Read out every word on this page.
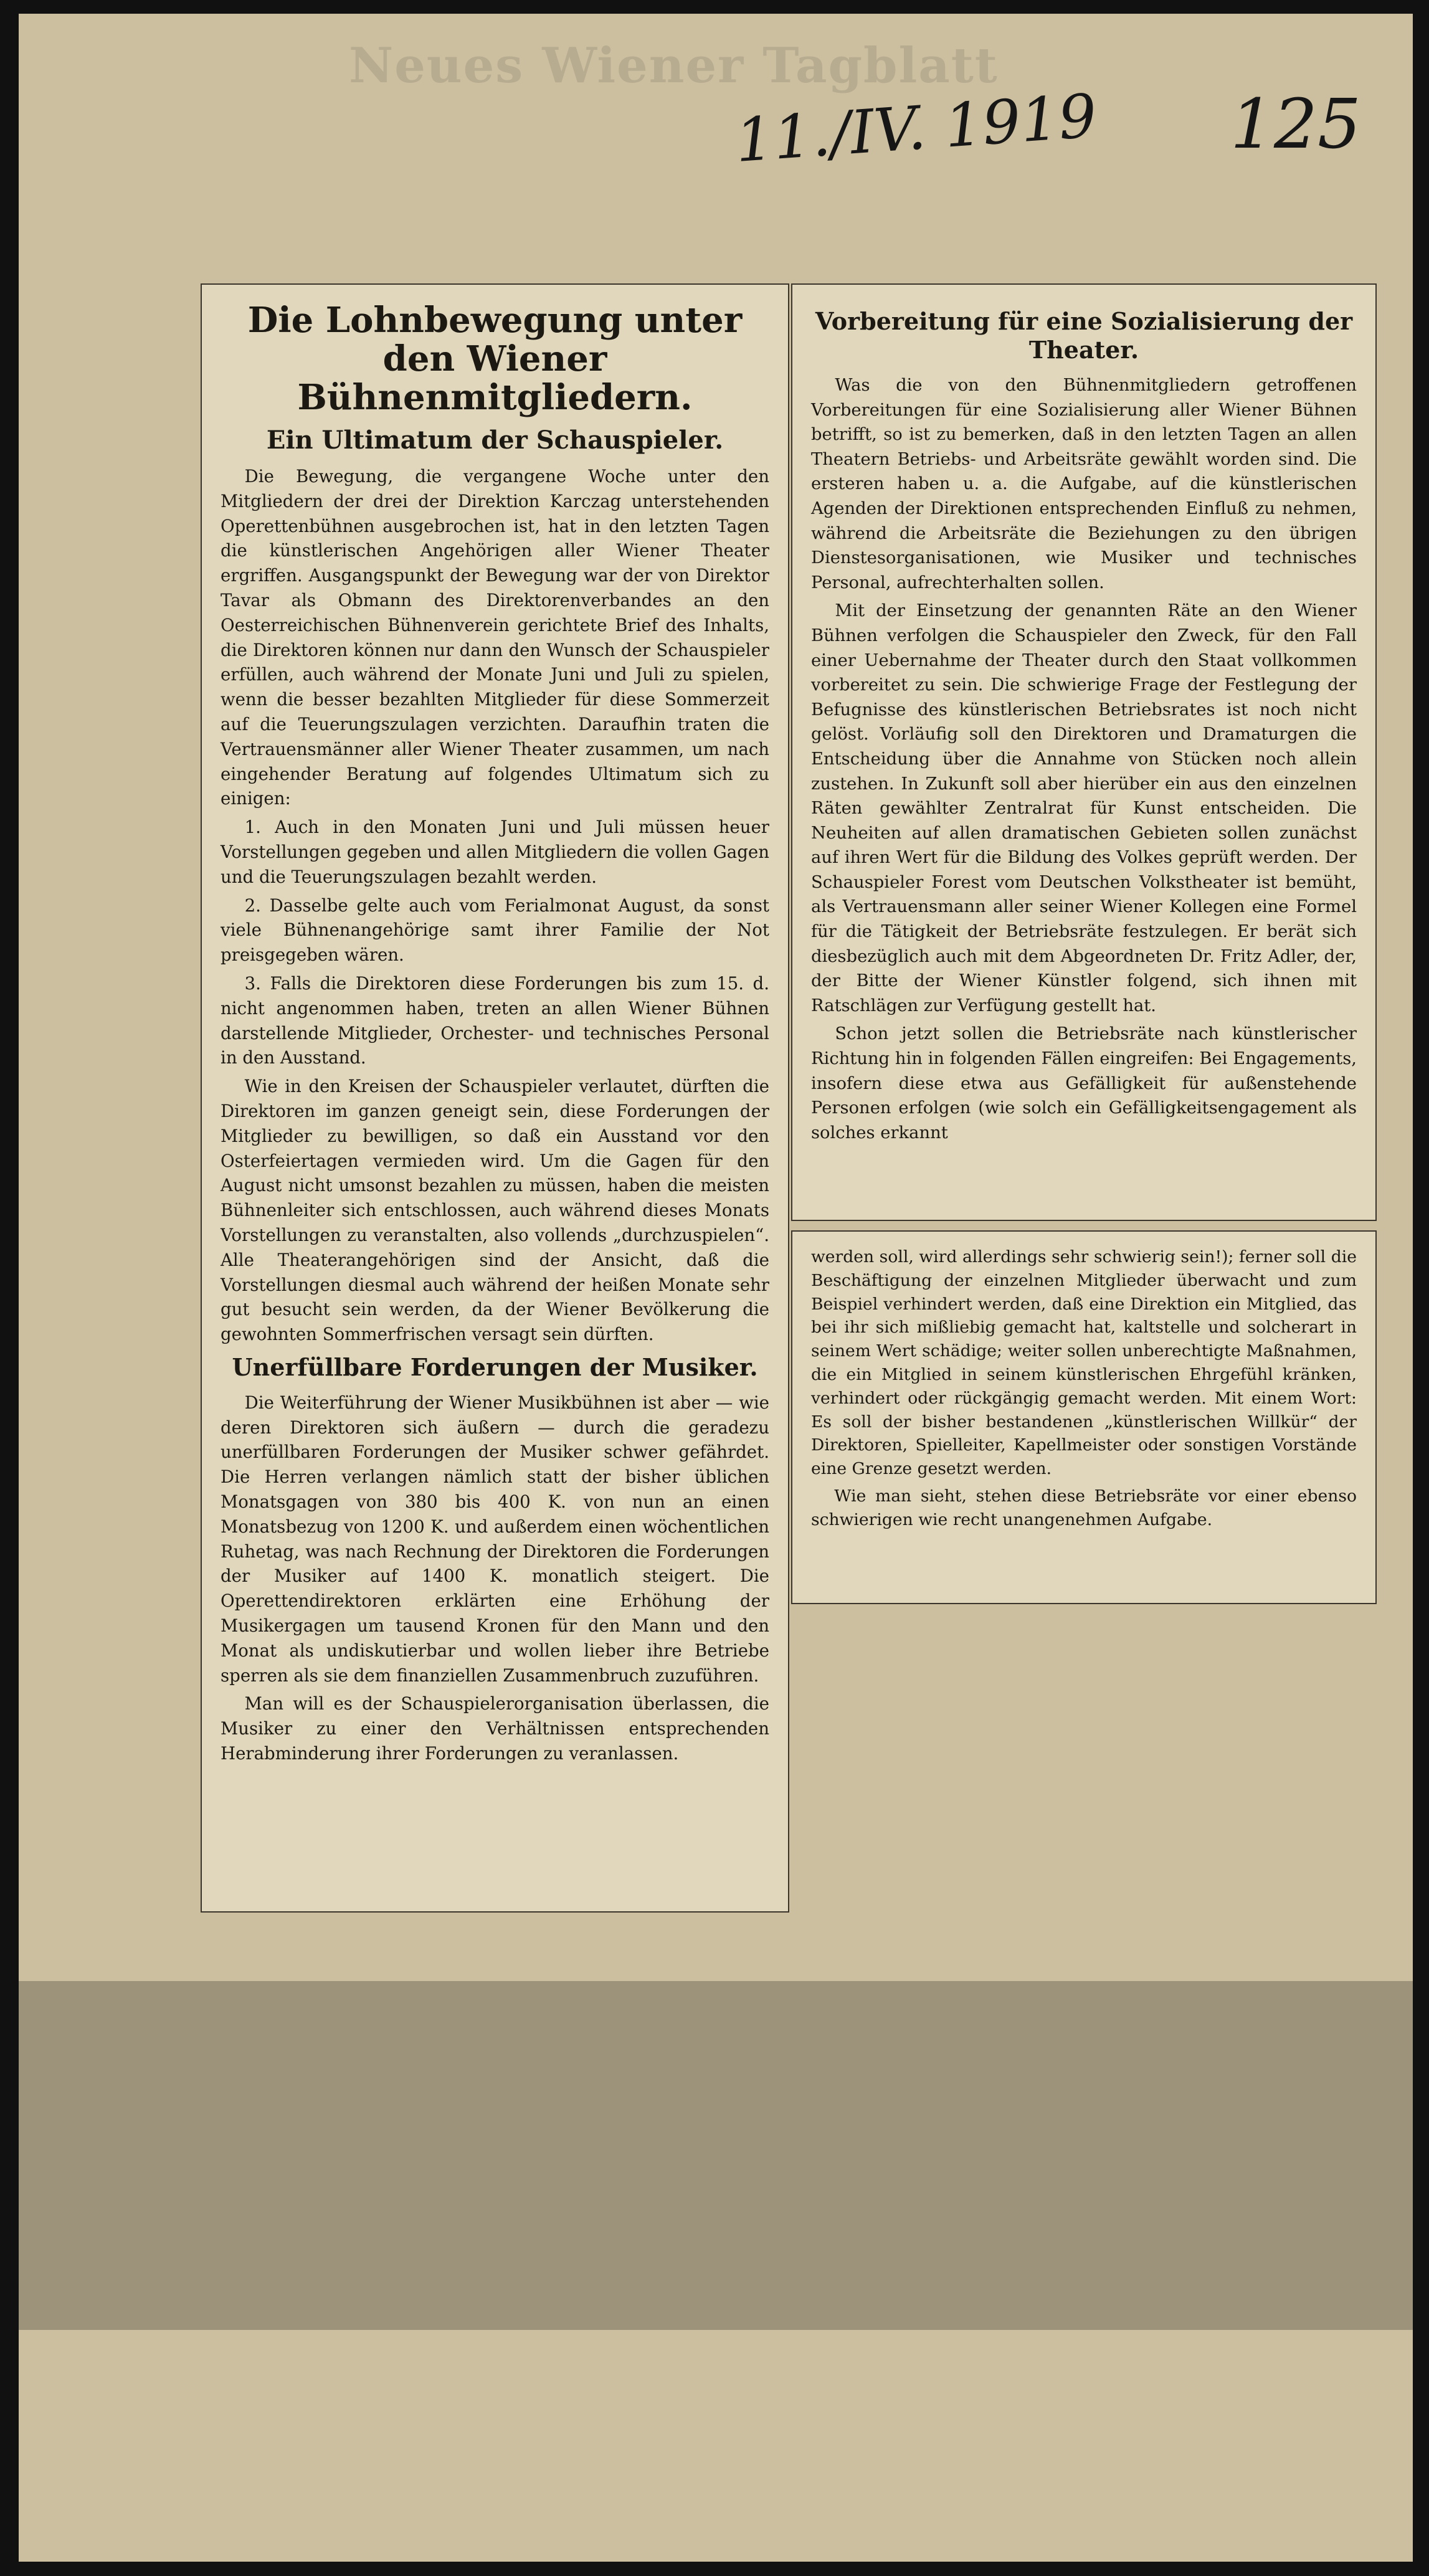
Neues Wiener Tagblatt
11./IV. 1919 125
Die Lohnbewegung unter den Wiener Bühnenmitgliedern.
Ein Ultimatum der Schauspieler.

Die Bewegung, die vergangene Woche unter den Mitgliedern der drei der Direktion Karczag unterstehenden Operettenbühnen ausgebrochen ist, hat in den letzten Tagen die künstlerischen Angehörigen aller Wiener Theater ergriffen. Ausgangspunkt der Bewegung war der von Direktor Tavar als Obmann des Direktorenverbandes an den Oesterreichischen Bühnenverein gerichtete Brief des Inhalts, die Direktoren können nur dann den Wunsch der Schauspieler erfüllen, auch während der Monate Juni und Juli zu spielen, wenn die besser bezahlten Mitglieder für diese Sommerzeit auf die Teuerungszulagen verzichten. Daraufhin traten die Vertrauensmänner aller Wiener Theater zusammen, um nach eingehender Beratung auf folgendes Ultimatum sich zu einigen:

1. Auch in den Monaten Juni und Juli müssen heuer Vorstellungen gegeben und allen Mitgliedern die vollen Gagen und die Teuerungszulagen bezahlt werden.

2. Dasselbe gelte auch vom Ferialmonat August, da sonst viele Bühnenangehörige samt ihrer Familie der Not preisgegeben wären.

3. Falls die Direktoren diese Forderungen bis zum 15. d. nicht angenommen haben, treten an allen Wiener Bühnen darstellende Mitglieder, Orchester- und technisches Personal in den Ausstand.

Wie in den Kreisen der Schauspieler verlautet, dürften die Direktoren im ganzen geneigt sein, diese Forderungen der Mitglieder zu bewilligen, so daß ein Ausstand vor den Osterfeiertagen vermieden wird. Um die Gagen für den August nicht umsonst bezahlen zu müssen, haben die meisten Bühnenleiter sich entschlossen, auch während dieses Monats Vorstellungen zu veranstalten, also vollends „durchzuspielen“. Alle Theaterangehörigen sind der Ansicht, daß die Vorstellungen diesmal auch während der heißen Monate sehr gut besucht sein werden, da der Wiener Bevölkerung die gewohnten Sommerfrischen versagt sein dürften.

Unerfüllbare Forderungen der Musiker.

Die Weiterführung der Wiener Musikbühnen ist aber — wie deren Direktoren sich äußern — durch die geradezu unerfüllbaren Forderungen der Musiker schwer gefährdet. Die Herren verlangen nämlich statt der bisher üblichen Monatsgagen von 380 bis 400 K. von nun an einen Monatsbezug von 1200 K. und außerdem einen wöchentlichen Ruhetag, was nach Rechnung der Direktoren die Forderungen der Musiker auf 1400 K. monatlich steigert. Die Operettendirektoren erklärten eine Erhöhung der Musikergagen um tausend Kronen für den Mann und den Monat als undiskutierbar und wollen lieber ihre Betriebe sperren als sie dem finanziellen Zusammenbruch zuzuführen.

Man will es der Schauspielerorganisation überlassen, die Musiker zu einer den Verhältnissen entsprechenden Herabminderung ihrer Forderungen zu veranlassen.

Vorbereitung für eine Sozialisierung der Theater.

Was die von den Bühnenmitgliedern getroffenen Vorbereitungen für eine Sozialisierung aller Wiener Bühnen betrifft, so ist zu bemerken, daß in den letzten Tagen an allen Theatern Betriebs- und Arbeitsräte gewählt worden sind. Die ersteren haben u. a. die Aufgabe, auf die künstlerischen Agenden der Direktionen entsprechenden Einfluß zu nehmen, während die Arbeitsräte die Beziehungen zu den übrigen Dienstesorganisationen, wie Musiker und technisches Personal, aufrechterhalten sollen.

Mit der Einsetzung der genannten Räte an den Wiener Bühnen verfolgen die Schauspieler den Zweck, für den Fall einer Uebernahme der Theater durch den Staat vollkommen vorbereitet zu sein. Die schwierige Frage der Festlegung der Befugnisse des künstlerischen Betriebsrates ist noch nicht gelöst. Vorläufig soll den Direktoren und Dramaturgen die Entscheidung über die Annahme von Stücken noch allein zustehen. In Zukunft soll aber hierüber ein aus den einzelnen Räten gewählter Zentralrat für Kunst entscheiden. Die Neuheiten auf allen dramatischen Gebieten sollen zunächst auf ihren Wert für die Bildung des Volkes geprüft werden. Der Schauspieler Forest vom Deutschen Volkstheater ist bemüht, als Vertrauensmann aller seiner Wiener Kollegen eine Formel für die Tätigkeit der Betriebsräte festzulegen. Er berät sich diesbezüglich auch mit dem Abgeordneten Dr. Fritz Adler, der, der Bitte der Wiener Künstler folgend, sich ihnen mit Ratschlägen zur Verfügung gestellt hat.

Schon jetzt sollen die Betriebsräte nach künstlerischer Richtung hin in folgenden Fällen eingreifen: Bei Engagements, insofern diese etwa aus Gefälligkeit für außenstehende Personen erfolgen (wie solch ein Gefälligkeitsengagement als solches erkannt

werden soll, wird allerdings sehr schwierig sein!); ferner soll die Beschäftigung der einzelnen Mitglieder überwacht und zum Beispiel verhindert werden, daß eine Direktion ein Mitglied, das bei ihr sich mißliebig gemacht hat, kaltstelle und solcherart in seinem Wert schädige; weiter sollen unberechtigte Maßnahmen, die ein Mitglied in seinem künstlerischen Ehrgefühl kränken, verhindert oder rückgängig gemacht werden. Mit einem Wort: Es soll der bisher bestandenen „künstlerischen Willkür“ der Direktoren, Spielleiter, Kapellmeister oder sonstigen Vorstände eine Grenze gesetzt werden.

Wie man sieht, stehen diese Betriebsräte vor einer ebenso schwierigen wie recht unangenehmen Aufgabe.
